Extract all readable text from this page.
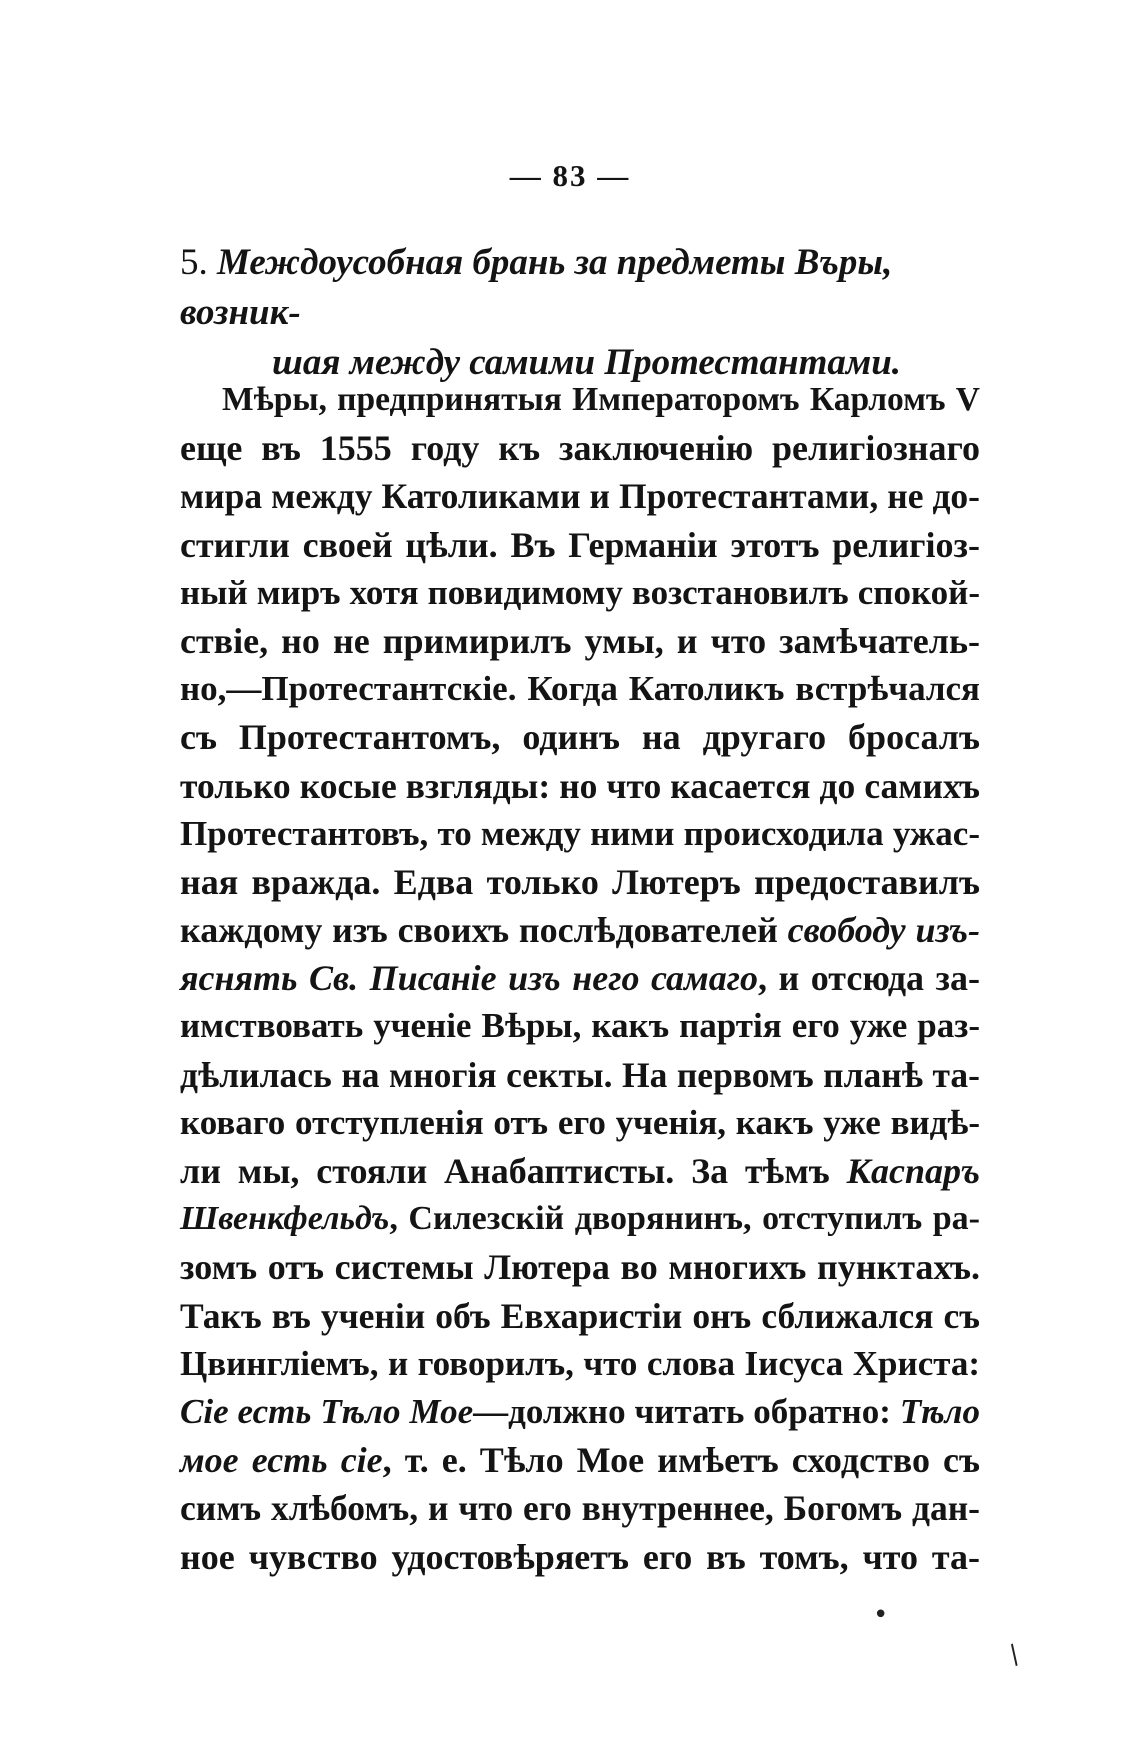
— 83 —
5. Междоусобная брань за предметы Въры, возник-
шая между самими Протестантами.
Мѣры, предпринятыя Императоромъ Карломъ V
еще въ 1555 году къ заключенію религіознаго
мира между Католиками и Протестантами, не до-
стигли своей цѣли. Въ Германіи этотъ религіоз-
ный миръ хотя повидимому возстановилъ спокой-
ствіе, но не примирилъ умы, и что замѣчатель-
но,—Протестантскіе. Когда Католикъ встрѣчался
съ Протестантомъ, одинъ на другаго бросалъ
только косые взгляды: но что касается до самихъ
Протестантовъ, то между ними происходила ужас-
ная вражда. Едва только Лютеръ предоставилъ
каждому изъ своихъ послѣдователей свободу изъ-
яснять Св. Писаніе изъ него самаго, и отсюда за-
имствовать ученіе Вѣры, какъ партія его уже раз-
дѣлилась на многія секты. На первомъ планѣ та-
коваго отступленія отъ его ученія, какъ уже видѣ-
ли мы, стояли Анабаптисты. За тѣмъ Каспаръ
Швенкфельдъ, Силезскій дворянинъ, отступилъ ра-
зомъ отъ системы Лютера во многихъ пунктахъ.
Такъ въ ученіи объ Евхаристіи онъ сближался съ
Цвингліемъ, и говорилъ, что слова Іисуса Христа:
Сіе есть Тѣло Мое—должно читать обратно: Тѣло
мое есть сіе, т. е. Тѣло Мое имѣетъ сходство съ
симъ хлѣбомъ, и что его внутреннее, Богомъ дан-
ное чувство удостовѣряетъ его въ томъ, что та-
•
∕
